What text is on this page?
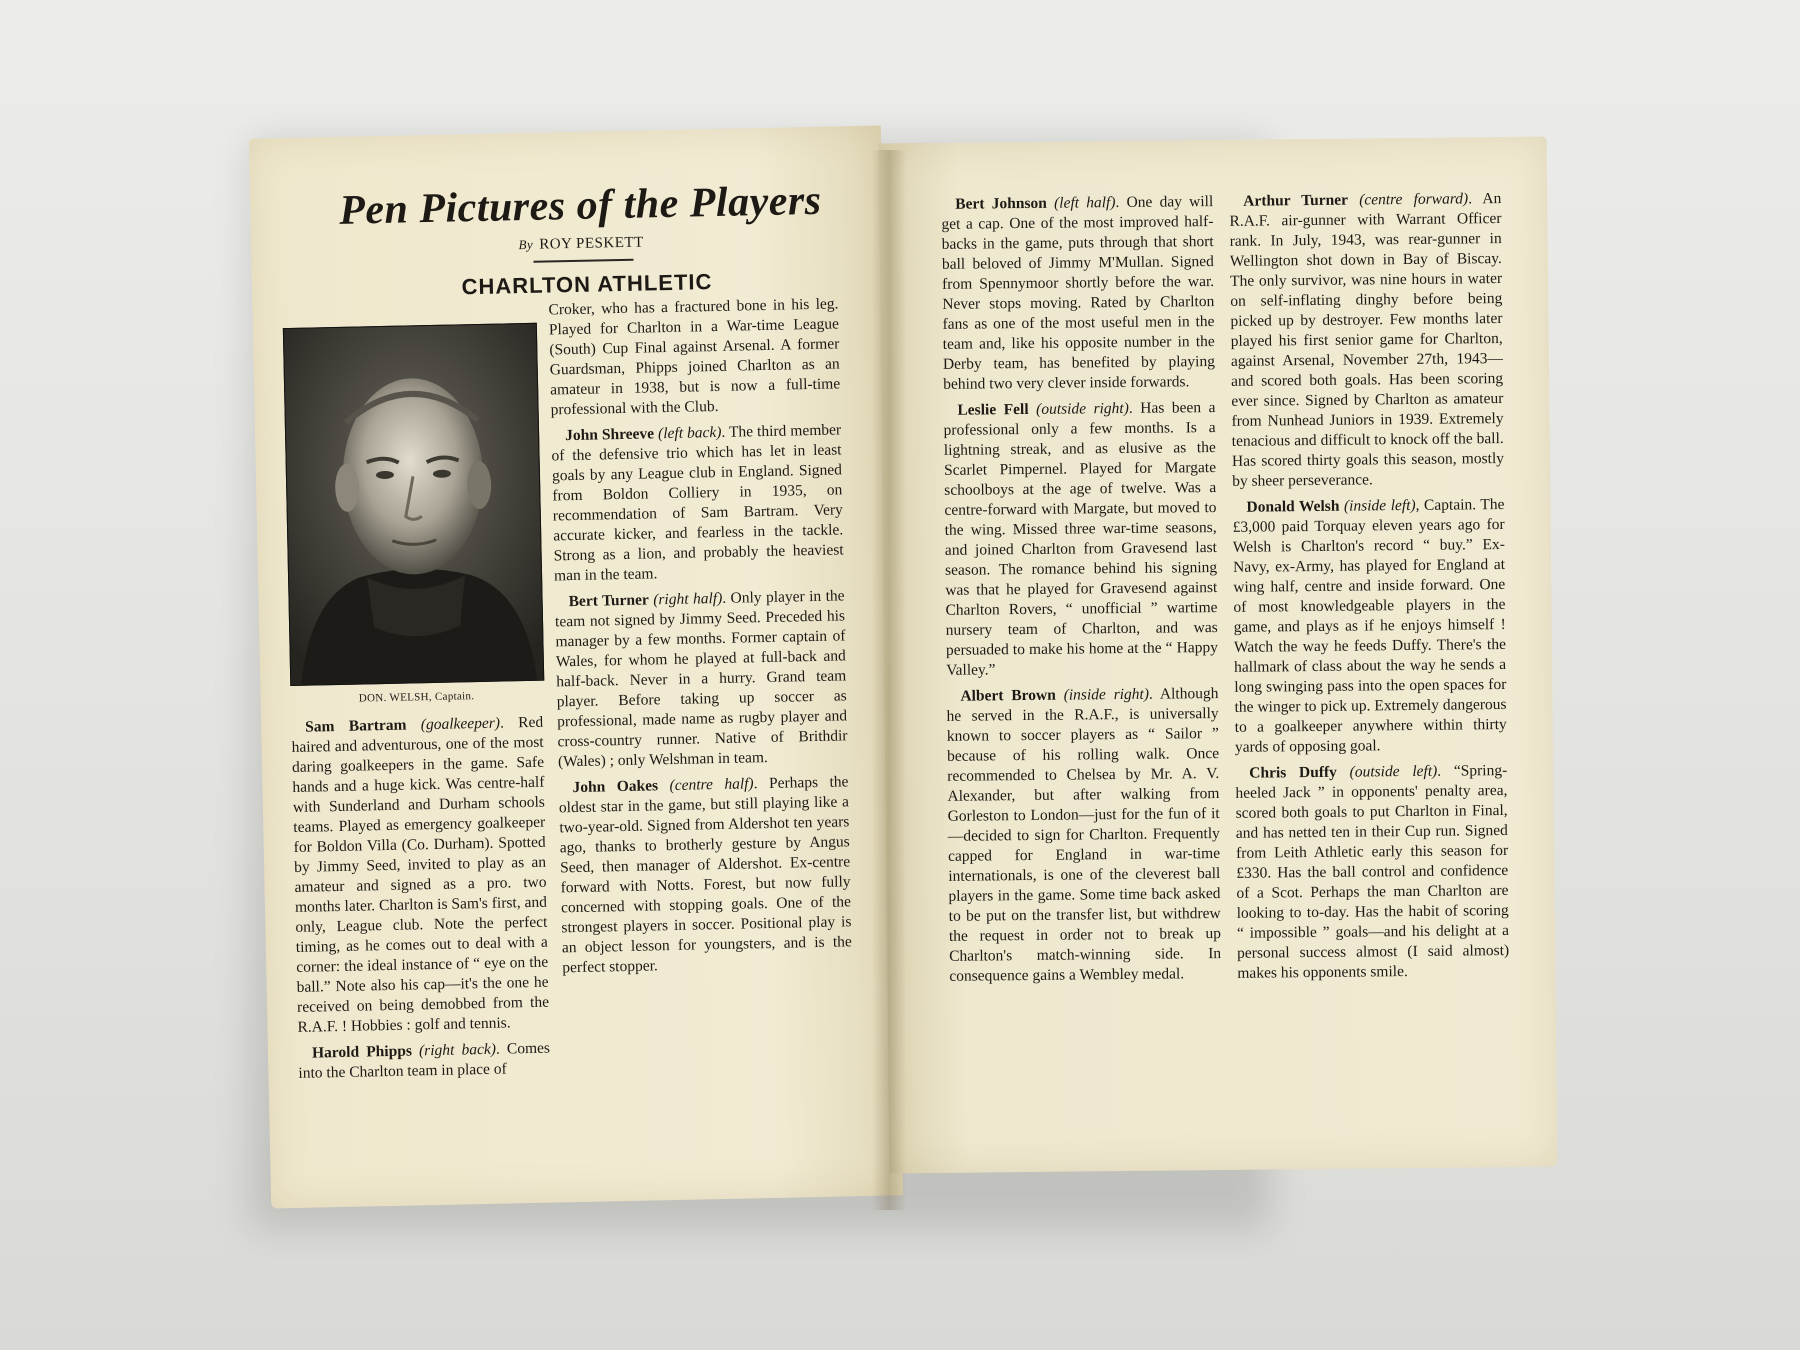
Pen Pictures of the Players
By ROY PESKETT
CHARLTON ATHLETIC
DON. WELSH, Captain.

Sam Bartram (goalkeeper). Red haired and adventurous, one of the most daring goalkeepers in the game. Safe hands and a huge kick. Was centre-half with Sunderland and Durham schools teams. Played as emergency goalkeeper for Boldon Villa (Co. Durham). Spotted by Jimmy Seed, invited to play as an amateur and signed as a pro. two months later. Charlton is Sam's first, and only, League club. Note the perfect timing, as he comes out to deal with a corner: the ideal instance of “ eye on the ball.” Note also his cap—it's the one he received on being demobbed from the R.A.F. ! Hobbies : golf and tennis.

Harold Phipps (right back). Comes into the Charlton team in place of

Croker, who has a fractured bone in his leg. Played for Charlton in a War-time League (South) Cup Final against Arsenal. A former Guardsman, Phipps joined Charlton as an amateur in 1938, but is now a full-time professional with the Club.

John Shreeve (left back). The third member of the defensive trio which has let in least goals by any League club in England. Signed from Boldon Colliery in 1935, on recommendation of Sam Bartram. Very accurate kicker, and fearless in the tackle. Strong as a lion, and probably the heaviest man in the team.

Bert Turner (right half). Only player in the team not signed by Jimmy Seed. Preceded his manager by a few months. Former captain of Wales, for whom he played at full-back and half-back. Never in a hurry. Grand team player. Before taking up soccer as professional, made name as rugby player and cross-country runner. Native of Brithdir (Wales) ; only Welshman in team.

John Oakes (centre half). Perhaps the oldest star in the game, but still playing like a two-year-old. Signed from Aldershot ten years ago, thanks to brotherly gesture by Angus Seed, then manager of Aldershot. Ex-centre forward with Notts. Forest, but now fully concerned with stopping goals. One of the strongest players in soccer. Positional play is an object lesson for youngsters, and is the perfect stopper.

Bert Johnson (left half). One day will get a cap. One of the most improved half-backs in the game, puts through that short ball beloved of Jimmy M'Mullan. Signed from Spennymoor shortly before the war. Never stops moving. Rated by Charlton fans as one of the most useful men in the team and, like his opposite number in the Derby team, has benefited by playing behind two very clever inside forwards.

Leslie Fell (outside right). Has been a professional only a few months. Is a lightning streak, and as elusive as the Scarlet Pimpernel. Played for Margate schoolboys at the age of twelve. Was a centre-forward with Margate, but moved to the wing. Missed three war-time seasons, and joined Charlton from Gravesend last season. The romance behind his signing was that he played for Gravesend against Charlton Rovers, “ unofficial ” wartime nursery team of Charlton, and was persuaded to make his home at the “ Happy Valley.”

Albert Brown (inside right). Although he served in the R.A.F., is universally known to soccer players as “ Sailor ” because of his rolling walk. Once recommended to Chelsea by Mr. A. V. Alexander, but after walking from Gorleston to London—just for the fun of it—decided to sign for Charlton. Frequently capped for England in war-time internationals, is one of the cleverest ball players in the game. Some time back asked to be put on the transfer list, but withdrew the request in order not to break up Charlton's match-winning side. In consequence gains a Wembley medal.

Arthur Turner (centre forward). An R.A.F. air-gunner with Warrant Officer rank. In July, 1943, was rear-gunner in Wellington shot down in Bay of Biscay. The only survivor, was nine hours in water on self-inflating dinghy before being picked up by destroyer. Few months later played his first senior game for Charlton, against Arsenal, November 27th, 1943—and scored both goals. Has been scoring ever since. Signed by Charlton as amateur from Nunhead Juniors in 1939. Extremely tenacious and difficult to knock off the ball. Has scored thirty goals this season, mostly by sheer perseverance.

Donald Welsh (inside left), Captain. The £3,000 paid Torquay eleven years ago for Welsh is Charlton's record “ buy.” Ex-Navy, ex-Army, has played for England at wing half, centre and inside forward. One of most knowledgeable players in the game, and plays as if he enjoys himself ! Watch the way he feeds Duffy. There's the hallmark of class about the way he sends a long swinging pass into the open spaces for the winger to pick up. Extremely dangerous to a goalkeeper anywhere within thirty yards of opposing goal.

Chris Duffy (outside left). “Spring-heeled Jack ” in opponents' penalty area, scored both goals to put Charlton in Final, and has netted ten in their Cup run. Signed from Leith Athletic early this season for £330. Has the ball control and confidence of a Scot. Perhaps the man Charlton are looking to to-day. Has the habit of scoring “ impossible ” goals—and his delight at a personal success almost (I said almost) makes his opponents smile.
